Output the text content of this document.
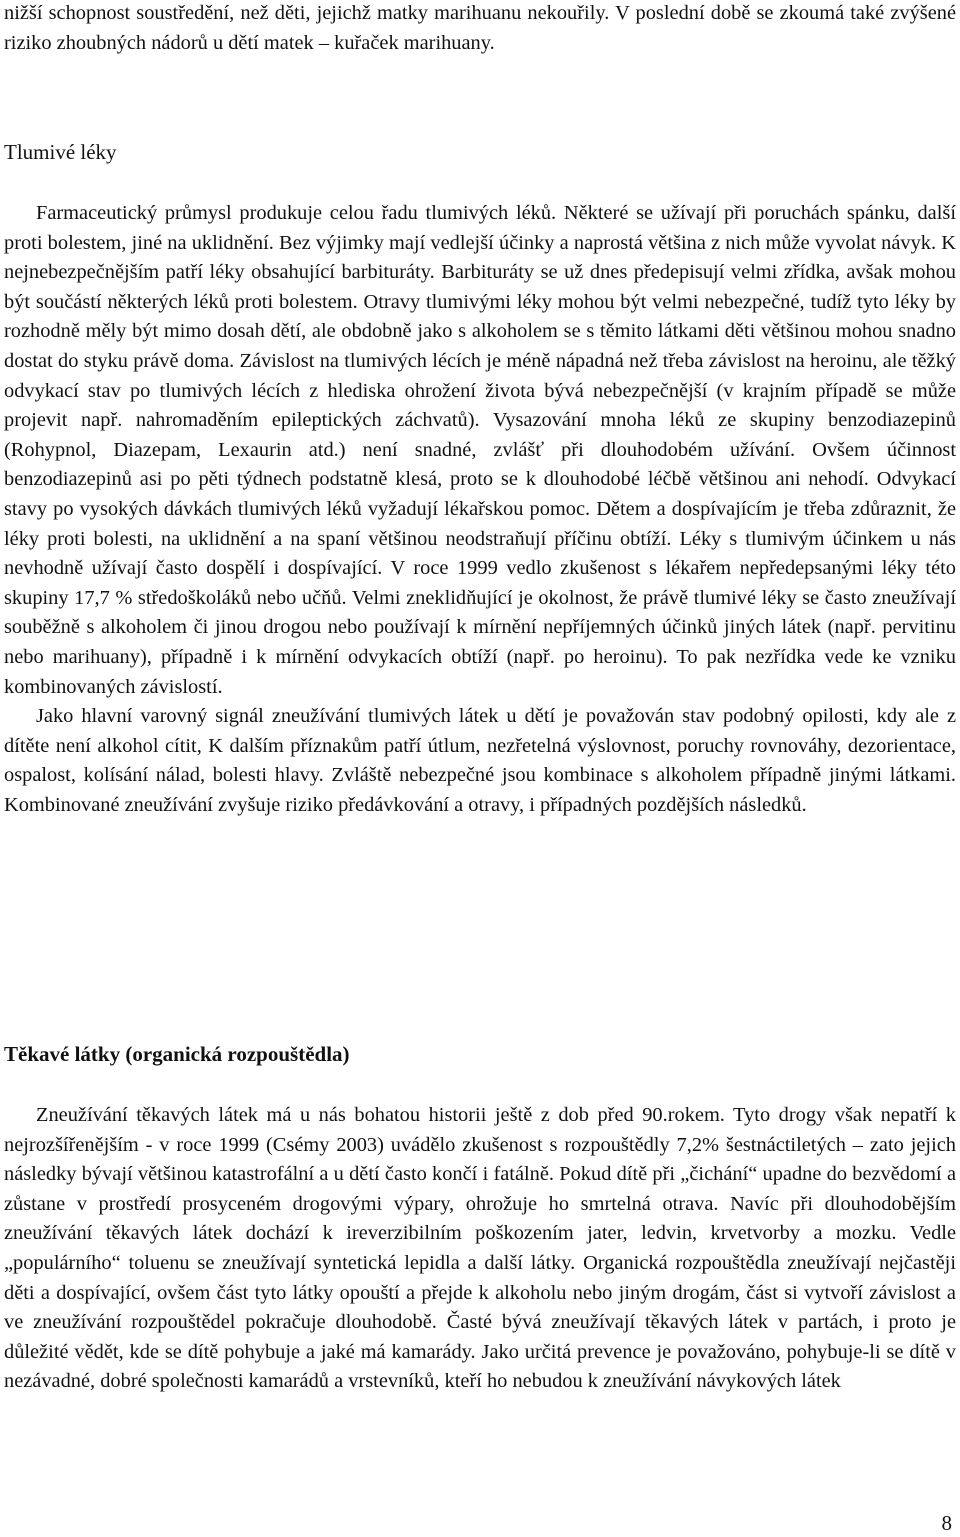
nižší schopnost soustředění, než děti, jejichž matky marihuanu nekouřily. V poslední době se zkoumá také zvýšené riziko zhoubných nádorů u dětí matek – kuřaček marihuany.

Tlumivé léky

Farmaceutický průmysl produkuje celou řadu tlumivých léků. Některé se užívají při poruchách spánku, další proti bolestem, jiné na uklidnění. Bez výjimky mají vedlejší účinky a naprostá většina z nich může vyvolat návyk. K nejnebezpečnějším patří léky obsahující barbituráty. Barbituráty se už dnes předepisují velmi zřídka, avšak mohou být součástí některých léků proti bolestem. Otravy tlumivými léky mohou být velmi nebezpečné, tudíž tyto léky by rozhodně měly být mimo dosah dětí, ale obdobně jako s alkoholem se s těmito látkami děti většinou mohou snadno dostat do styku právě doma. Závislost na tlumivých lécích je méně nápadná než třeba závislost na heroinu, ale těžký odvykací stav po tlumivých lécích z hlediska ohrožení života bývá nebezpečnější (v krajním případě se může projevit např. nahromaděním epileptických záchvatů). Vysazování mnoha léků ze skupiny benzodiazepinů (Rohypnol, Diazepam, Lexaurin atd.) není snadné, zvlášť při dlouhodobém užívání. Ovšem účinnost benzodiazepinů asi po pěti týdnech podstatně klesá, proto se k dlouhodobé léčbě většinou ani nehodí. Odvykací stavy po vysokých dávkách tlumivých léků vyžadují lékařskou pomoc. Dětem a dospívajícím je třeba zdůraznit, že léky proti bolesti, na uklidnění a na spaní většinou neodstraňují příčinu obtíží. Léky s tlumivým účinkem u nás nevhodně užívají často dospělí i dospívající. V roce 1999 vedlo zkušenost s lékařem nepředepsanými léky této skupiny 17,7 % středoškoláků nebo učňů. Velmi zneklidňující je okolnost, že právě tlumivé léky se často zneužívají souběžně s alkoholem či jinou drogou nebo používají k mírnění nepříjemných účinků jiných látek (např. pervitinu nebo marihuany), případně i k mírnění odvykacích obtíží (např. po heroinu). To pak nezřídka vede ke vzniku kombinovaných závislostí.

Jako hlavní varovný signál zneužívání tlumivých látek u dětí je považován stav podobný opilosti, kdy ale z dítěte není alkohol cítit, K dalším příznakům patří útlum, nezřetelná výslovnost, poruchy rovnováhy, dezorientace, ospalost, kolísání nálad, bolesti hlavy. Zvláště nebezpečné jsou kombinace s alkoholem případně jinými látkami. Kombinované zneužívání zvyšuje riziko předávkování a otravy, i případných pozdějších následků.

Těkavé látky (organická rozpouštědla)

Zneužívání těkavých látek má u nás bohatou historii ještě z dob před 90.rokem. Tyto drogy však nepatří k nejrozšířenějším - v roce 1999 (Csémy 2003) uvádělo zkušenost s rozpouštědly 7,2% šestnáctiletých – zato jejich následky bývají většinou katastrofální a u dětí často končí i fatálně. Pokud dítě při „čichání“ upadne do bezvědomí a zůstane v prostředí prosyceném drogovými výpary, ohrožuje ho smrtelná otrava. Navíc při dlouhodobějším zneužívání těkavých látek dochází k ireverzibilním poškozením jater, ledvin, krvetvorby a mozku. Vedle „populárního“ toluenu se zneužívají syntetická lepidla a další látky. Organická rozpouštědla zneužívají nejčastěji děti a dospívající, ovšem část tyto látky opouští a přejde k alkoholu nebo jiným drogám, část si vytvoří závislost a ve zneužívání rozpouštědel pokračuje dlouhodobě. Časté bývá zneužívají těkavých látek v partách, i proto je důležité vědět, kde se dítě pohybuje a jaké má kamarády. Jako určitá prevence je považováno, pohybuje-li se dítě v nezávadné, dobré společnosti kamarádů a vrstevníků, kteří ho nebudou k zneužívání návykových látek

8
